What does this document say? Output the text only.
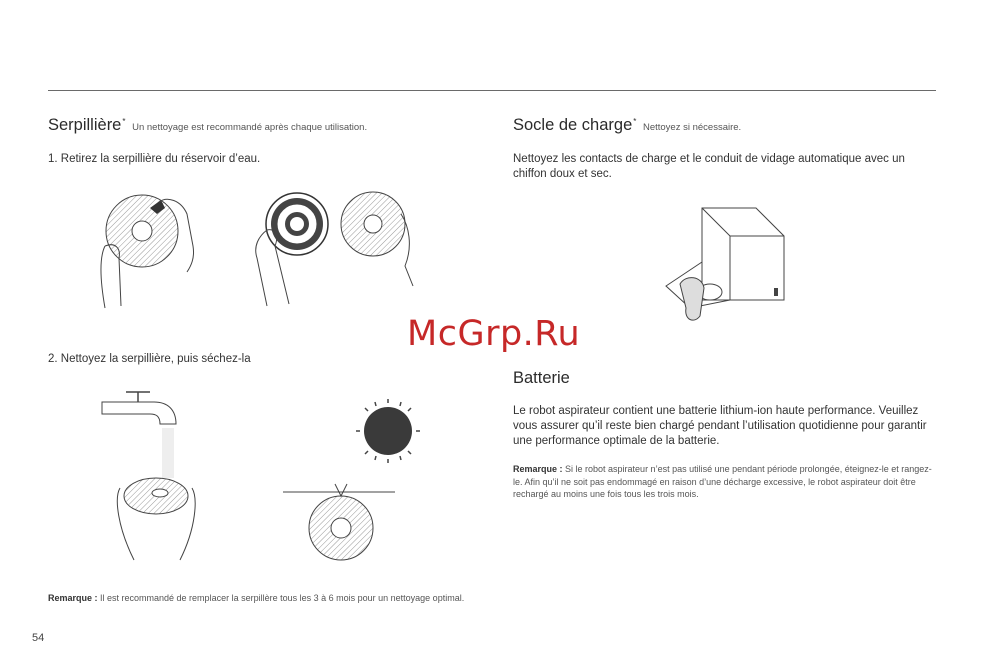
Serpillière* Un nettoyage est recommandé après chaque utilisation.
1. Retirez la serpillière du réservoir d’eau.
2. Nettoyez la serpillière, puis séchez-la
Remarque : Il est recommandé de remplacer la serpillère tous les 3 à 6 mois pour un nettoyage optimal.
Socle de charge* Nettoyez si nécessaire.
Nettoyez les contacts de charge et le conduit de vidage automatique avec un chiffon doux et sec.
Batterie
Le robot aspirateur contient une batterie lithium-ion haute performance. Veuillez vous assurer qu’il reste bien chargé pendant l’utilisation quotidienne pour garantir une performance optimale de la batterie.
Remarque : Si le robot aspirateur n’est pas utilisé une pendant période prolongée, éteignez-le et rangez-le. Afin qu’il ne soit pas endommagé en raison d’une décharge excessive, le robot aspirateur doit être rechargé au moins une fois tous les trois mois.
McGrp.Ru
54
